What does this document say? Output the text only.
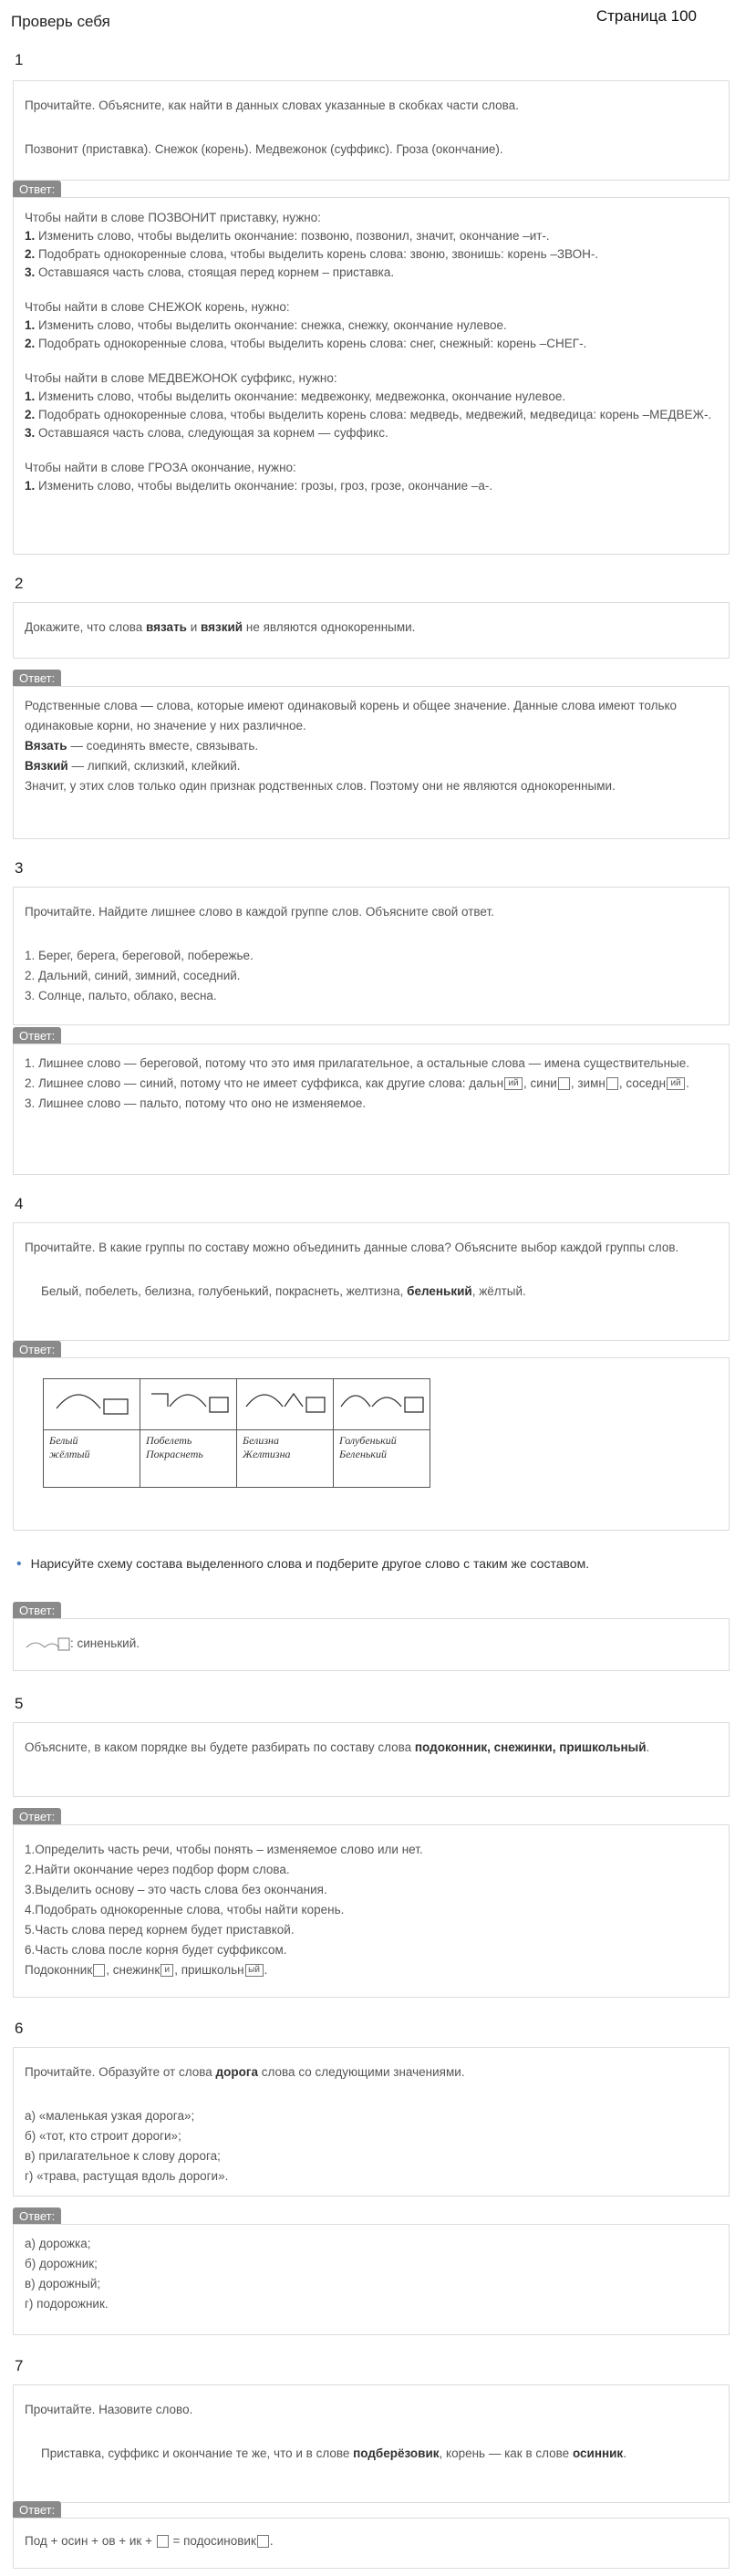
Проверь себя	Страница 100
1

Прочитайте. Объясните, как найти в данных словах указанные в скобках части слова.

Позвонит (приставка). Снежок (корень). Медвежонок (суффикс). Гроза (окончание).

Ответ:
Чтобы найти в слове ПОЗВОНИТ приставку, нужно:
1. Изменить слово, чтобы выделить окончание: позвоню, позвонил, значит, окончание –ит-.
2. Подобрать однокоренные слова, чтобы выделить корень слова: звоню, звонишь: корень –ЗВОН-.
3. Оставшаяся часть слова, стоящая перед корнем – приставка.
Чтобы найти в слове СНЕЖОК корень, нужно:
1. Изменить слово, чтобы выделить окончание: снежка, снежку, окончание нулевое.
2. Подобрать однокоренные слова, чтобы выделить корень слова: снег, снежный: корень –СНЕГ-.
Чтобы найти в слове МЕДВЕЖОНОК суффикс, нужно:
1. Изменить слово, чтобы выделить окончание: медвежонку, медвежонка, окончание нулевое.
2. Подобрать однокоренные слова, чтобы выделить корень слова: медведь, медвежий, медведица: корень –МЕДВЕЖ-.
3. Оставшаяся часть слова, следующая за корнем — суффикс.
Чтобы найти в слове ГРОЗА окончание, нужно:
1. Изменить слово, чтобы выделить окончание: грозы, гроз, грозе, окончание –а-.
2

Докажите, что слова вязать и вязкий не являются однокоренными.

Ответ:
Родственные слова — слова, которые имеют одинаковый корень и общее значение. Данные слова имеют только одинаковые корни, но значение у них различное.
Вязать — соединять вместе, связывать.
Вязкий — липкий, склизкий, клейкий.
Значит, у этих слов только один признак родственных слов. Поэтому они не являются однокоренными.
3

Прочитайте. Найдите лишнее слово в каждой группе слов. Объясните свой ответ.

1. Берег, берега, береговой, побережье.
2. Дальний, синий, зимний, соседний.
3. Солнце, пальто, облако, весна.

Ответ:
1. Лишнее слово — береговой, потому что это имя прилагательное, а остальные слова — имена существительные.
2. Лишнее слово — синий, потому что не имеет суффикса, как другие слова: дальн ий , сини , зимн , соседн ий .
3. Лишнее слово — пальто, потому что оно не изменяемое.
4

Прочитайте. В какие группы по составу можно объединить данные слова? Объясните выбор каждой группы слов.

Белый, побелеть, белизна, голубенький, покраснеть, желтизна, беленький, жёлтый.

Ответ:
Белый
жёлтый
Побелеть
Покраснеть
Белизна
Желтизна
Голубенький
Беленький
• Нарисуйте схему состава выделенного слова и подберите другое слово с таким же составом.
Ответ:
: синенький.
5

Объясните, в каком порядке вы будете разбирать по составу слова подоконник, снежинки, пришкольный.

Ответ:
1.Определить часть речи, чтобы понять – изменяемое слово или нет.
2.Найти окончание через подбор форм слова.
3.Выделить основу – это часть слова без окончания.
4.Подобрать однокоренные слова, чтобы найти корень.
5.Часть слова перед корнем будет приставкой.
6.Часть слова после корня будет суффиксом.
Подоконник , снежинк и , пришкольн ый .
6

Прочитайте. Образуйте от слова дорога слова со следующими значениями.

а) «маленькая узкая дорога»;
б) «тот, кто строит дороги»;
в) прилагательное к слову дорога;
г) «трава, растущая вдоль дороги».

Ответ:
а) дорожка;
б) дорожник;
в) дорожный;
г) подорожник.
7

Прочитайте. Назовите слово.

Приставка, суффикс и окончание те же, что и в слове подберёзовик, корень — как в слове осинник.

Ответ:
Под + осин + ов + ик +  = подосиновик .
